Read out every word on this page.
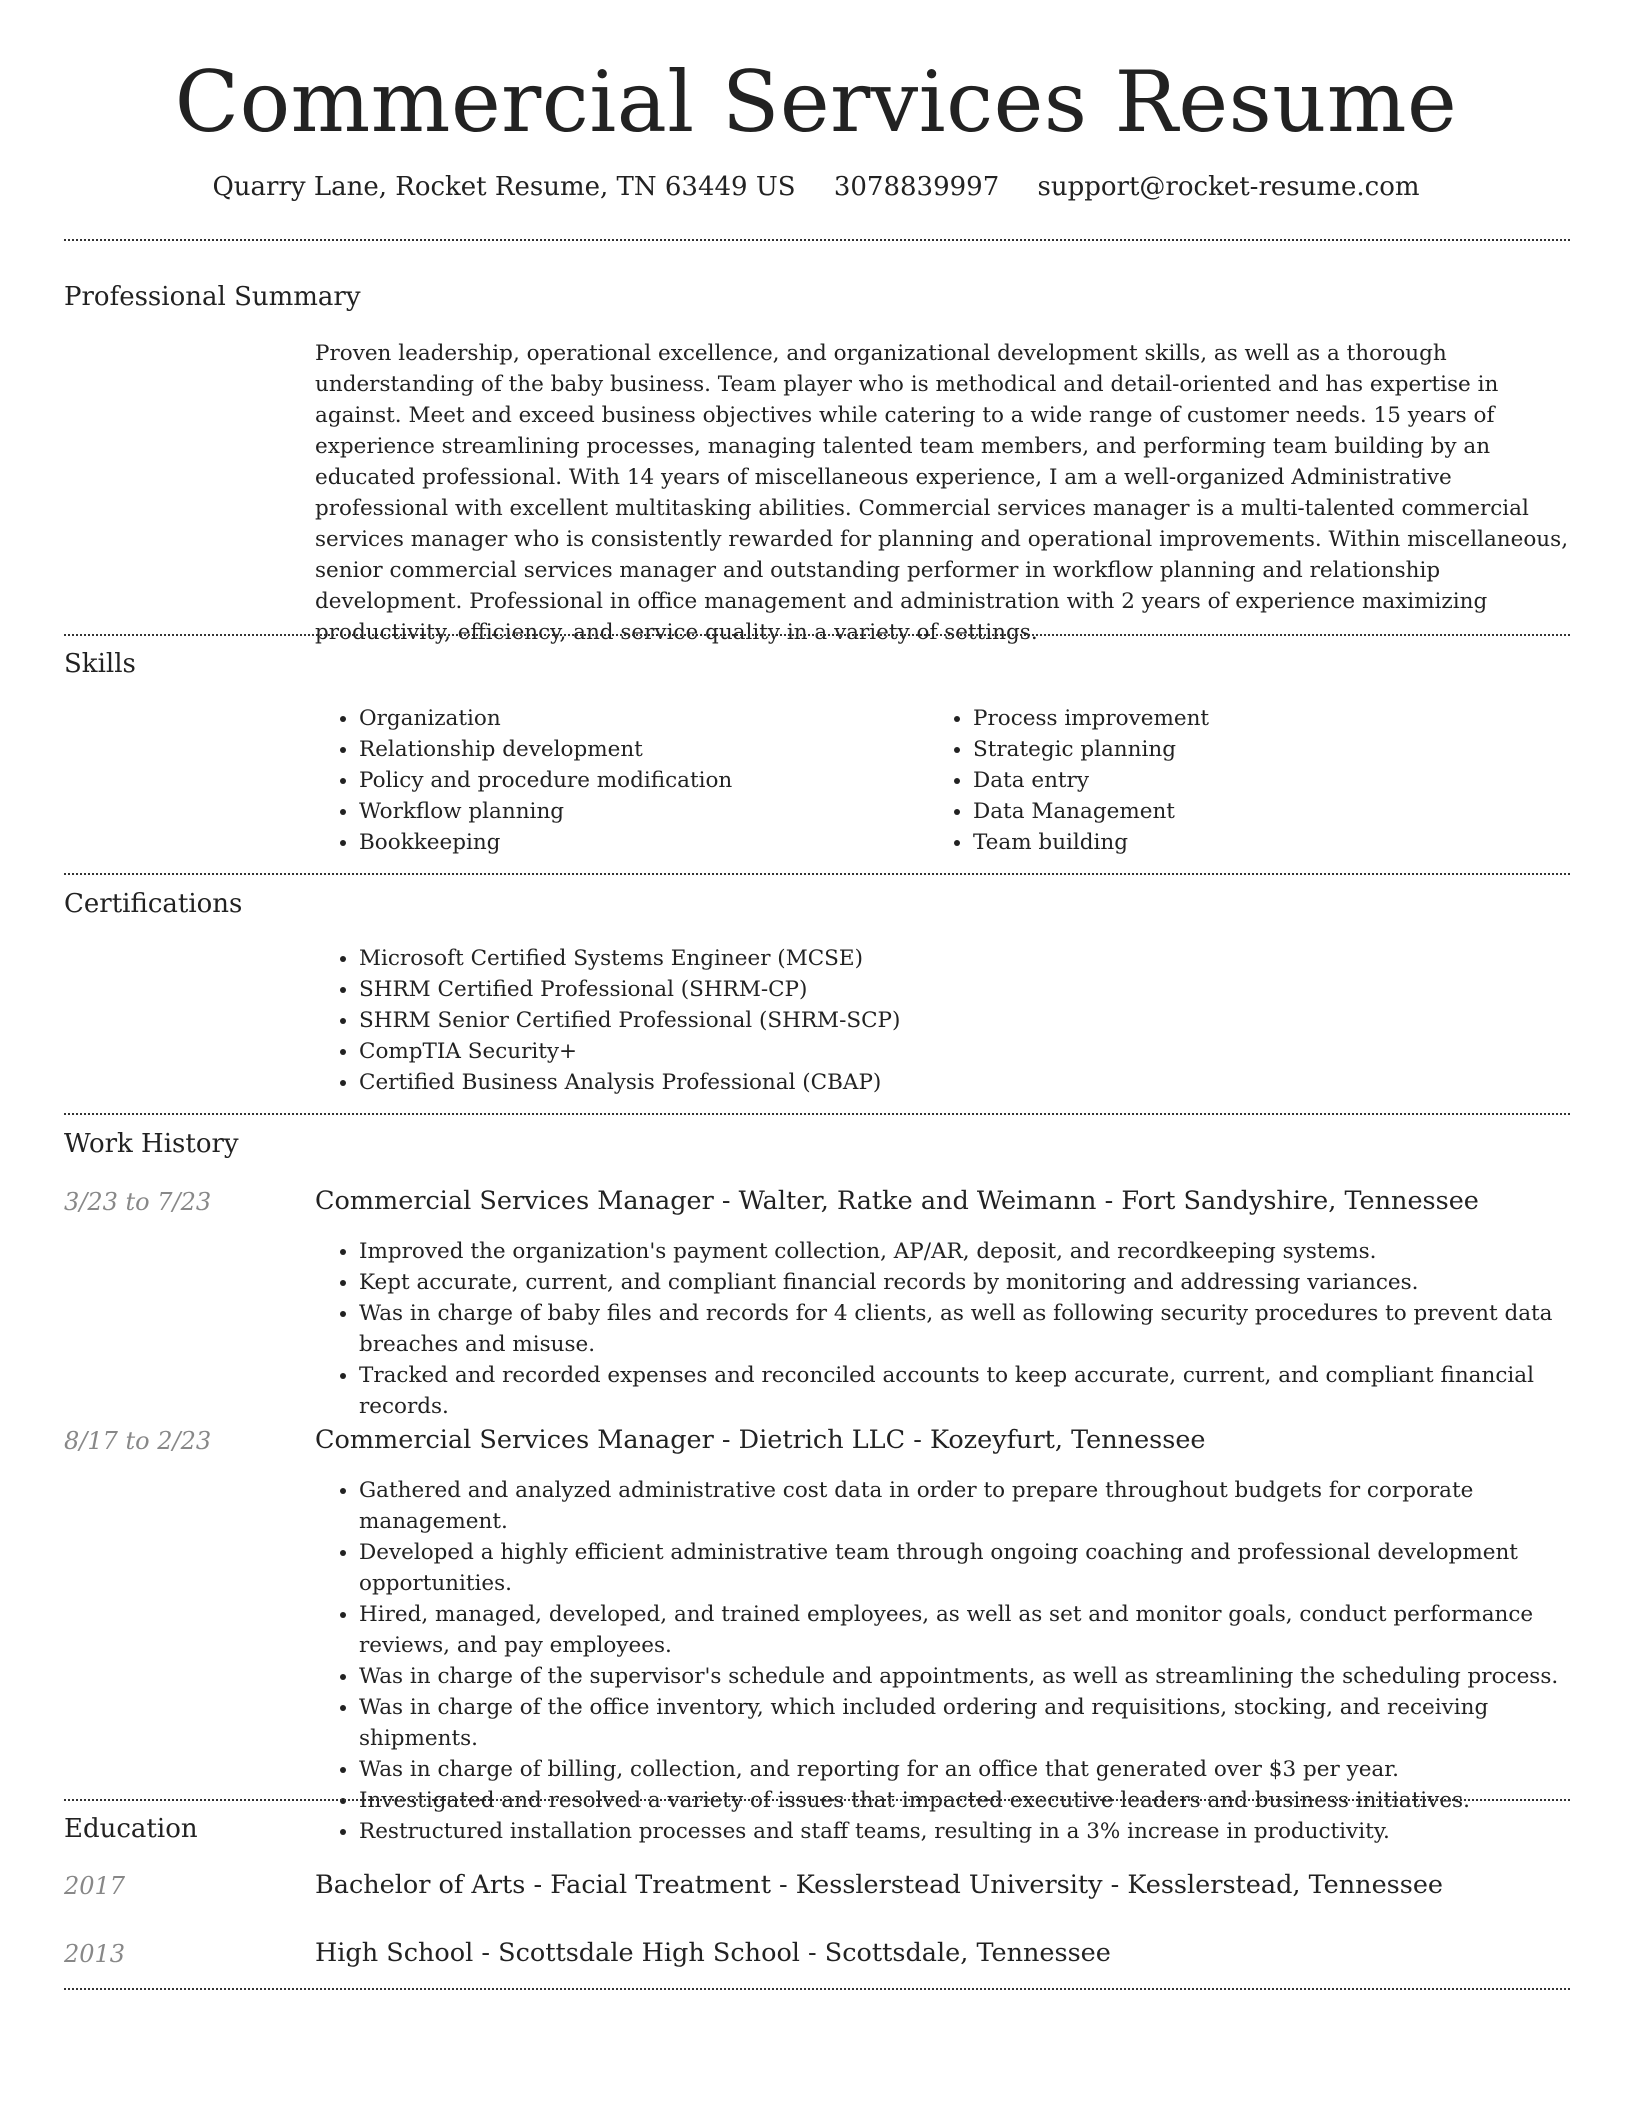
Commercial Services Resume
Quarry Lane, Rocket Resume, TN 63449 US 3078839997 support@rocket-resume.com
Professional Summary

Proven leadership, operational excellence, and organizational development skills, as well as a thorough understanding of the baby business. Team player who is methodical and detail-oriented and has expertise in against. Meet and exceed business objectives while catering to a wide range of customer needs. 15 years of experience streamlining processes, managing talented team members, and performing team building by an educated professional. With 14 years of miscellaneous experience, I am a well-organized Administrative professional with excellent multitasking abilities. Commercial services manager is a multi-talented commercial services manager who is consistently rewarded for planning and operational improvements. Within miscellaneous, senior commercial services manager and outstanding performer in workflow planning and relationship development. Professional in office management and administration with 2 years of experience maximizing productivity, efficiency, and service quality in a variety of settings.

Skills
• Organization
• Relationship development
• Policy and procedure modification
• Workflow planning
• Bookkeeping
• Process improvement
• Strategic planning
• Data entry
• Data Management
• Team building
Certifications
• Microsoft Certified Systems Engineer (MCSE)
• SHRM Certified Professional (SHRM-CP)
• SHRM Senior Certified Professional (SHRM-SCP)
• CompTIA Security+
• Certified Business Analysis Professional (CBAP)
Work History
3/23 to 7/23	Commercial Services Manager - Walter, Ratke and Weimann - Fort Sandyshire, Tennessee
• Improved the organization's payment collection, AP/AR, deposit, and recordkeeping systems.
• Kept accurate, current, and compliant financial records by monitoring and addressing variances.
• Was in charge of baby files and records for 4 clients, as well as following security procedures to prevent data breaches and misuse.
• Tracked and recorded expenses and reconciled accounts to keep accurate, current, and compliant financial records.
8/17 to 2/23	Commercial Services Manager - Dietrich LLC - Kozeyfurt, Tennessee
• Gathered and analyzed administrative cost data in order to prepare throughout budgets for corporate management.
• Developed a highly efficient administrative team through ongoing coaching and professional development opportunities.
• Hired, managed, developed, and trained employees, as well as set and monitor goals, conduct performance reviews, and pay employees.
• Was in charge of the supervisor's schedule and appointments, as well as streamlining the scheduling process.
• Was in charge of the office inventory, which included ordering and requisitions, stocking, and receiving shipments.
• Was in charge of billing, collection, and reporting for an office that generated over $3 per year.
• Investigated and resolved a variety of issues that impacted executive leaders and business initiatives.
• Restructured installation processes and staff teams, resulting in a 3% increase in productivity.
Education
2017	Bachelor of Arts - Facial Treatment - Kesslerstead University - Kesslerstead, Tennessee
2013	High School - Scottsdale High School - Scottsdale, Tennessee
